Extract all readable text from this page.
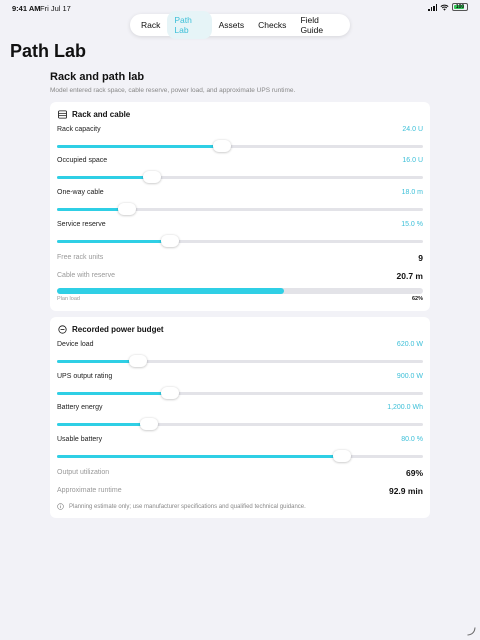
9:41 AM Fri Jul 17	100
Rack	Path Lab	Assets	Checks	Field Guide
Path Lab
Rack and path lab
Model entered rack space, cable reserve, power load, and approximate UPS runtime.
Rack and cable
Rack capacity	24.0 U
Occupied space	16.0 U
One-way cable	18.0 m
Service reserve	15.0 %
Free rack units	9
Cable with reserve	20.7 m
Plan load	62%
Recorded power budget
Device load	620.0 W
UPS output rating	900.0 W
Battery energy	1,200.0 Wh
Usable battery	80.0 %
Output utilization	69%
Approximate runtime	92.9 min
Planning estimate only; use manufacturer specifications and qualified technical guidance.
